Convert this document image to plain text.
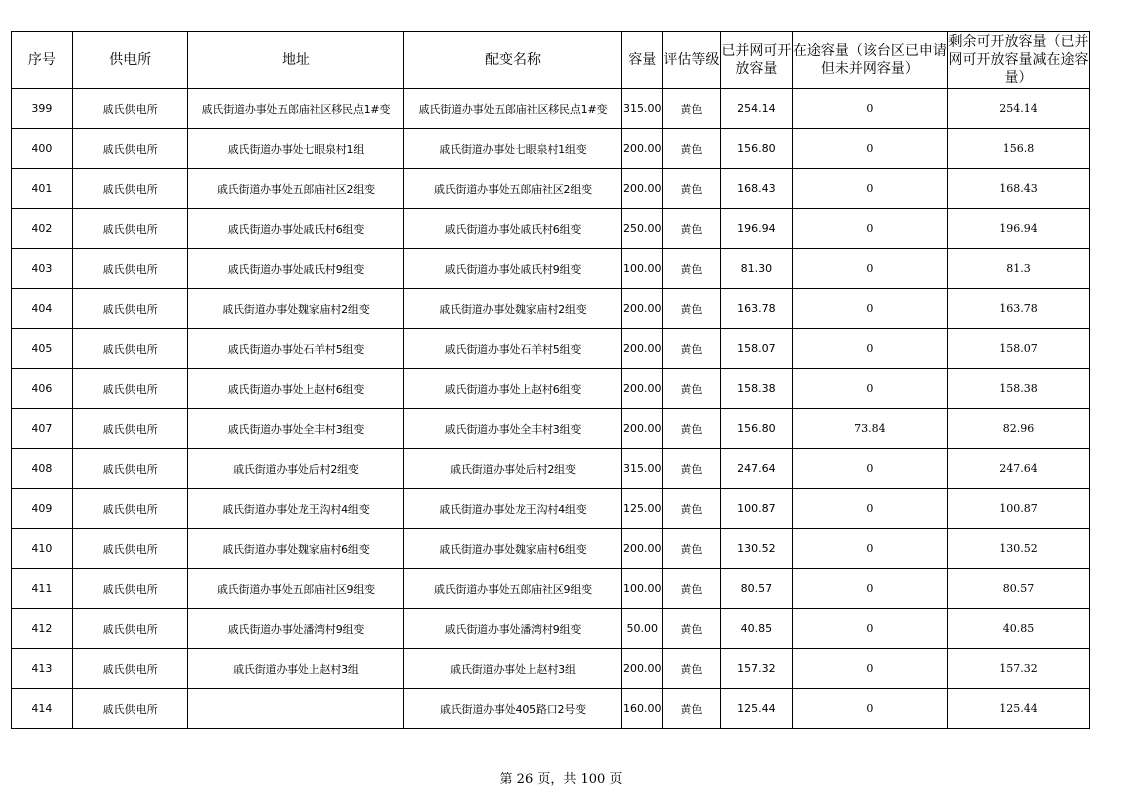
序号	供电所	地址	配变名称	容量	评估等级	已并网可开放容量	在途容量（该台区已申请但未并网容量）	剩余可开放容量（已并网可开放容量减在途容量）
399	戚氏供电所	戚氏街道办事处五郎庙社区移民点1#变	戚氏街道办事处五郎庙社区移民点1#变	315.00	黄色	254.14	0	254.14
400	戚氏供电所	戚氏街道办事处七眼泉村1组	戚氏街道办事处七眼泉村1组变	200.00	黄色	156.80	0	156.8
401	戚氏供电所	戚氏街道办事处五郎庙社区2组变	戚氏街道办事处五郎庙社区2组变	200.00	黄色	168.43	0	168.43
402	戚氏供电所	戚氏街道办事处戚氏村6组变	戚氏街道办事处戚氏村6组变	250.00	黄色	196.94	0	196.94
403	戚氏供电所	戚氏街道办事处戚氏村9组变	戚氏街道办事处戚氏村9组变	100.00	黄色	81.30	0	81.3
404	戚氏供电所	戚氏街道办事处魏家庙村2组变	戚氏街道办事处魏家庙村2组变	200.00	黄色	163.78	0	163.78
405	戚氏供电所	戚氏街道办事处石羊村5组变	戚氏街道办事处石羊村5组变	200.00	黄色	158.07	0	158.07
406	戚氏供电所	戚氏街道办事处上赵村6组变	戚氏街道办事处上赵村6组变	200.00	黄色	158.38	0	158.38
407	戚氏供电所	戚氏街道办事处全丰村3组变	戚氏街道办事处全丰村3组变	200.00	黄色	156.80	73.84	82.96
408	戚氏供电所	戚氏街道办事处后村2组变	戚氏街道办事处后村2组变	315.00	黄色	247.64	0	247.64
409	戚氏供电所	戚氏街道办事处龙王沟村4组变	戚氏街道办事处龙王沟村4组变	125.00	黄色	100.87	0	100.87
410	戚氏供电所	戚氏街道办事处魏家庙村6组变	戚氏街道办事处魏家庙村6组变	200.00	黄色	130.52	0	130.52
411	戚氏供电所	戚氏街道办事处五郎庙社区9组变	戚氏街道办事处五郎庙社区9组变	100.00	黄色	80.57	0	80.57
412	戚氏供电所	戚氏街道办事处潘湾村9组变	戚氏街道办事处潘湾村9组变	50.00	黄色	40.85	0	40.85
413	戚氏供电所	戚氏街道办事处上赵村3组	戚氏街道办事处上赵村3组	200.00	黄色	157.32	0	157.32
414	戚氏供电所		戚氏街道办事处405路口2号变	160.00	黄色	125.44	0	125.44
第 26 页，共 100 页
